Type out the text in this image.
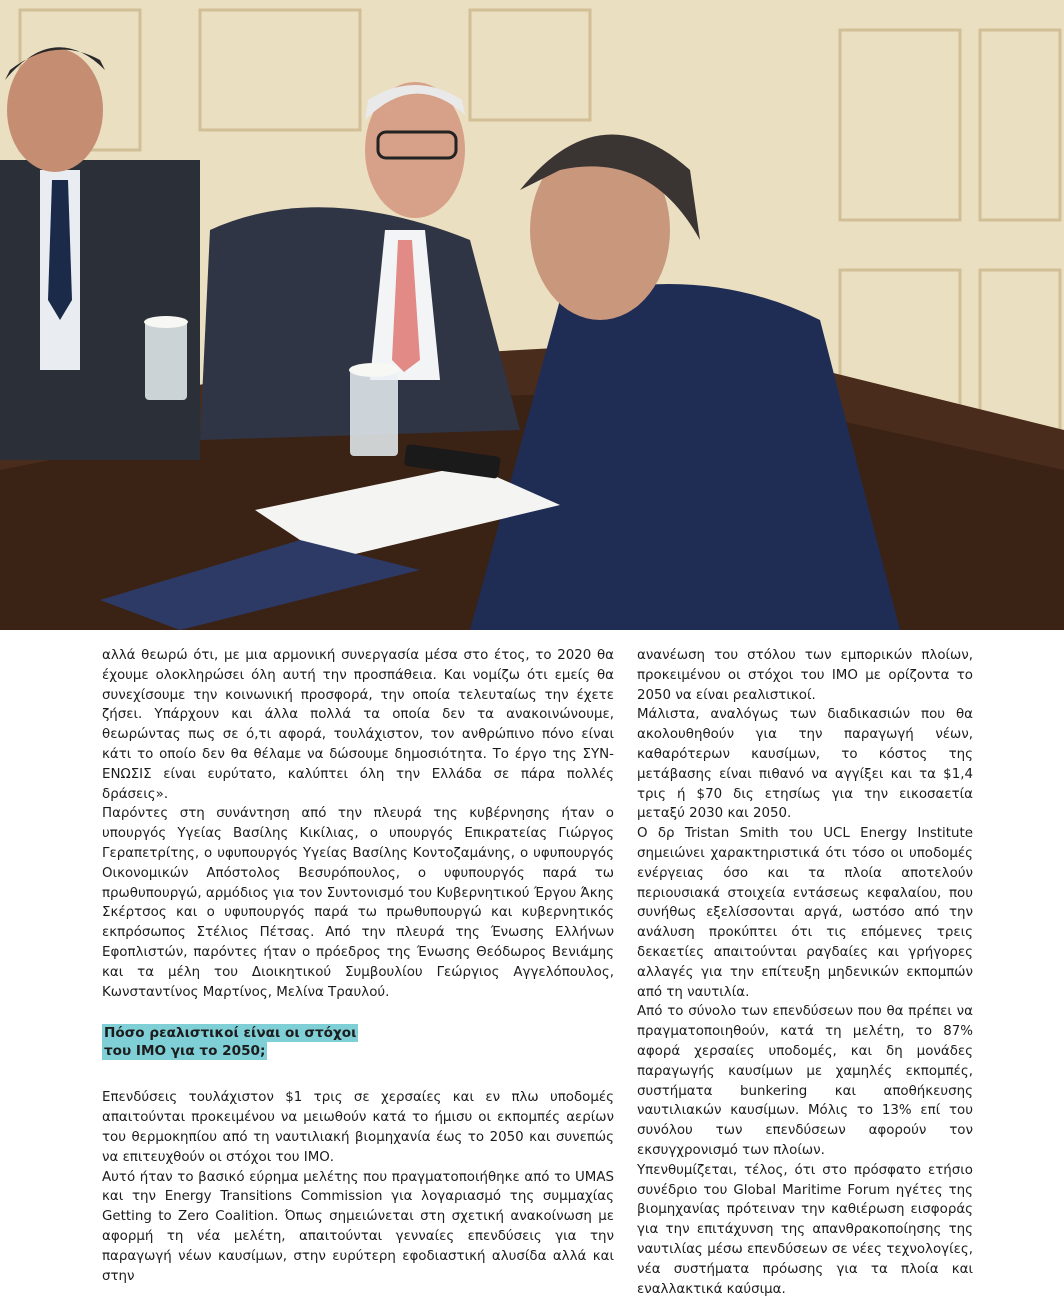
αλλά θεωρώ ότι, με μια αρμονική συνεργασία μέσα στο έτος, το 2020 θα έχουμε ολοκληρώσει όλη αυτή την προσπάθεια. Και νομίζω ότι εμείς θα συνεχίσουμε την κοινωνική προσφορά, την οποία τελευταίως την έχετε ζήσει. Υπάρχουν και άλλα πολλά τα οποία δεν τα ανακοινώνουμε, θεωρώντας πως σε ό,τι αφορά, τουλάχιστον, τον ανθρώπινο πόνο είναι κάτι το οποίο δεν θα θέλαμε να δώσουμε δημοσιότητα. Το έργο της ΣΥΝ-ΕΝΩΣΙΣ είναι ευρύτατο, καλύπτει όλη την Ελλάδα σε πάρα πολλές δράσεις».

Παρόντες στη συνάντηση από την πλευρά της κυβέρνησης ήταν ο υπουργός Υγείας Βασίλης Κικίλιας, ο υπουργός Επικρατείας Γιώργος Γεραπετρίτης, ο υφυπουργός Υγείας Βασίλης Κοντοζαμάνης, ο υφυπουργός Οικονομικών Απόστολος Βεσυρόπουλος, ο υφυπουργός παρά τω πρωθυπουργώ, αρμόδιος για τον Συντονισμό του Κυβερνητικού Έργου Άκης Σκέρτσος και ο υφυπουργός παρά τω πρωθυπουργώ και κυβερνητικός εκπρόσωπος Στέλιος Πέτσας. Από την πλευρά της Ένωσης Ελλήνων Εφοπλιστών, παρόντες ήταν ο πρόεδρος της Ένωσης Θεόδωρος Βενιάμης και τα μέλη του Διοικητικού Συμβουλίου Γεώργιος Αγγελόπουλος, Κωνσταντίνος Μαρτίνος, Μελίνα Τραυλού.

Πόσο ρεαλιστικοί είναι οι στόχοι
του ΙΜΟ για το 2050;

Επενδύσεις τουλάχιστον $1 τρις σε χερσαίες και εν πλω υποδομές απαιτούνται προκειμένου να μειωθούν κατά το ήμισυ οι εκπομπές αερίων του θερμοκηπίου από τη ναυτιλιακή βιομηχανία έως το 2050 και συνεπώς να επιτευχθούν οι στόχοι του ΙΜΟ.

Αυτό ήταν το βασικό εύρημα μελέτης που πραγματοποιήθηκε από το UMAS και την Energy Transitions Commission για λογαριασμό της συμμαχίας Getting to Zero Coalition. Όπως σημειώνεται στη σχετική ανακοίνωση με αφορμή τη νέα μελέτη, απαιτούνται γενναίες επενδύσεις για την παραγωγή νέων καυσίμων, στην ευρύτερη εφοδιαστική αλυσίδα αλλά και στην

ανανέωση του στόλου των εμπορικών πλοίων, προκειμένου οι στόχοι του ΙΜΟ με ορίζοντα το 2050 να είναι ρεαλιστικοί.

Μάλιστα, αναλόγως των διαδικασιών που θα ακολουθηθούν για την παραγωγή νέων, καθαρότερων καυσίμων, το κόστος της μετάβασης είναι πιθανό να αγγίξει και τα $1,4 τρις ή $70 δις ετησίως για την εικοσαετία μεταξύ 2030 και 2050.

Ο δρ Tristan Smith του UCL Energy Institute σημειώνει χαρακτηριστικά ότι τόσο οι υποδομές ενέργειας όσο και τα πλοία αποτελούν περιουσιακά στοιχεία εντάσεως κεφαλαίου, που συνήθως εξελίσσονται αργά, ωστόσο από την ανάλυση προκύπτει ότι τις επόμενες τρεις δεκαετίες απαιτούνται ραγδαίες και γρήγορες αλλαγές για την επίτευξη μηδενικών εκπομπών από τη ναυτιλία.

Από το σύνολο των επενδύσεων που θα πρέπει να πραγματοποιηθούν, κατά τη μελέτη, το 87% αφορά χερσαίες υποδομές, και δη μονάδες παραγωγής καυσίμων με χαμηλές εκπομπές, συστήματα bunkering και αποθήκευσης ναυτιλιακών καυσίμων. Μόλις το 13% επί του συνόλου των επενδύσεων αφορούν τον εκσυγχρονισμό των πλοίων.

Υπενθυμίζεται, τέλος, ότι στο πρόσφατο ετήσιο συνέδριο του Global Maritime Forum ηγέτες της βιομηχανίας πρότειναν την καθιέρωση εισφοράς για την επιτάχυνση της απανθρακοποίησης της ναυτιλίας μέσω επενδύσεων σε νέες τεχνολογίες, νέα συστήματα πρόωσης για τα πλοία και εναλλακτικά καύσιμα.
